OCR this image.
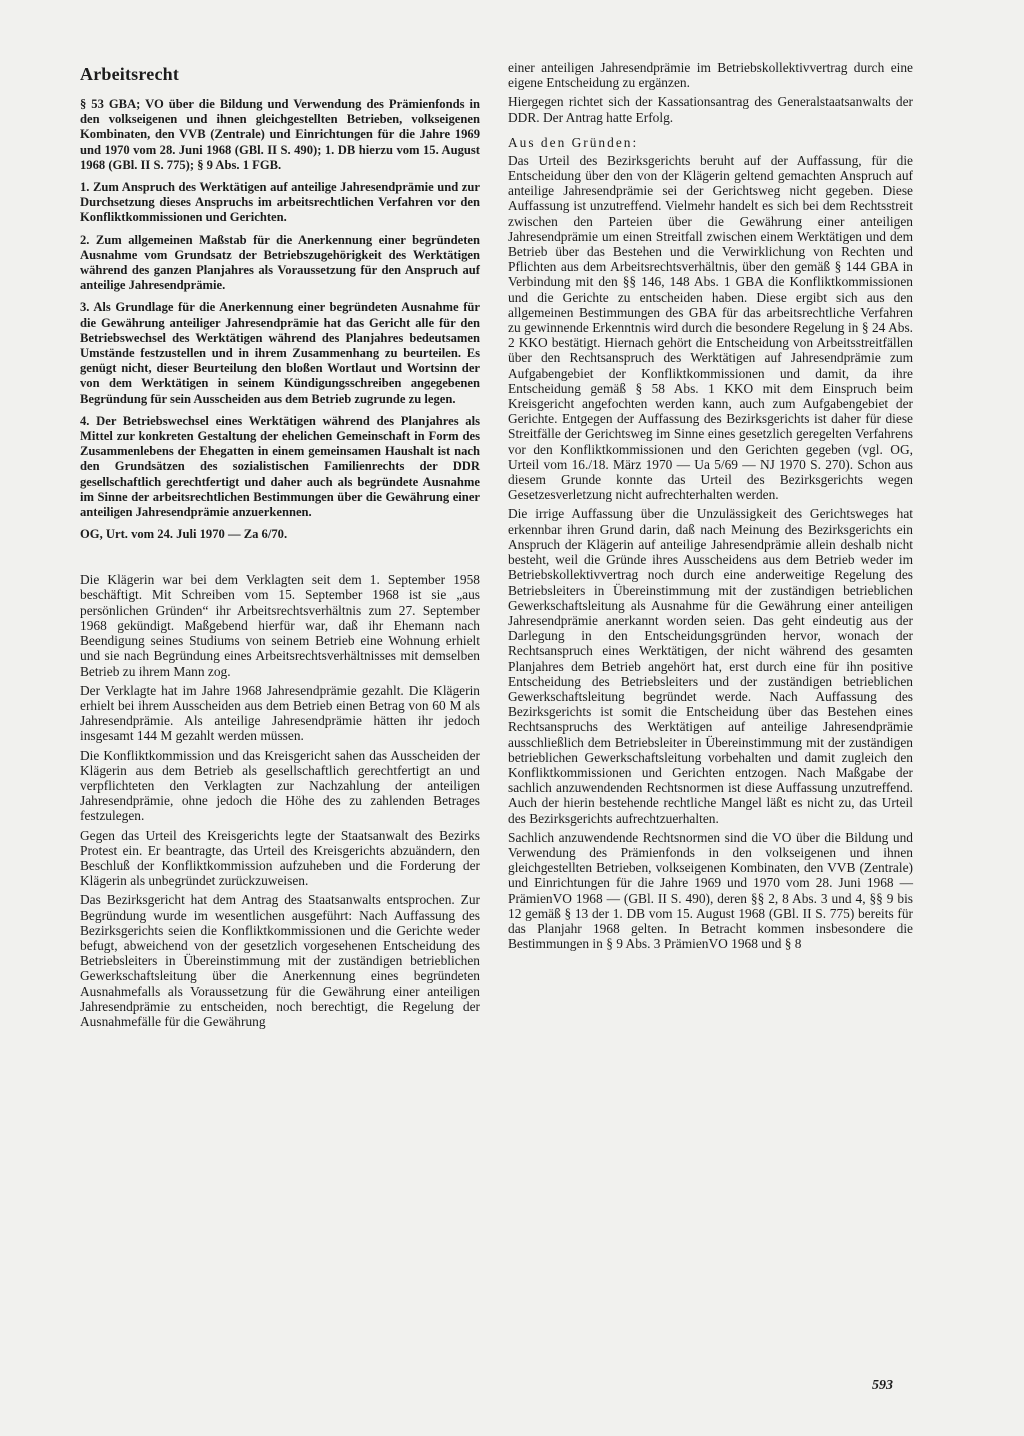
Arbeitsrecht

§ 53 GBA; VO über die Bildung und Verwendung des Prämienfonds in den volkseigenen und ihnen gleichgestellten Betrieben, volkseigenen Kombinaten, den VVB (Zentrale) und Einrichtungen für die Jahre 1969 und 1970 vom 28. Juni 1968 (GBl. II S. 490); 1. DB hierzu vom 15. August 1968 (GBl. II S. 775); § 9 Abs. 1 FGB.

1. Zum Anspruch des Werktätigen auf anteilige Jahresendprämie und zur Durchsetzung dieses Anspruchs im arbeitsrechtlichen Verfahren vor den Konfliktkommissionen und Gerichten.

2. Zum allgemeinen Maßstab für die Anerkennung einer begründeten Ausnahme vom Grundsatz der Betriebszugehörigkeit des Werktätigen während des ganzen Planjahres als Voraussetzung für den Anspruch auf anteilige Jahresendprämie.

3. Als Grundlage für die Anerkennung einer begründeten Ausnahme für die Gewährung anteiliger Jahresendprämie hat das Gericht alle für den Betriebswechsel des Werktätigen während des Planjahres bedeutsamen Umstände festzustellen und in ihrem Zusammenhang zu beurteilen. Es genügt nicht, dieser Beurteilung den bloßen Wortlaut und Wortsinn der von dem Werktätigen in seinem Kündigungsschreiben angegebenen Begründung für sein Ausscheiden aus dem Betrieb zugrunde zu legen.

4. Der Betriebswechsel eines Werktätigen während des Planjahres als Mittel zur konkreten Gestaltung der ehelichen Gemeinschaft in Form des Zusammenlebens der Ehegatten in einem gemeinsamen Haushalt ist nach den Grundsätzen des sozialistischen Familienrechts der DDR gesellschaftlich gerechtfertigt und daher auch als begründete Ausnahme im Sinne der arbeitsrechtlichen Bestimmungen über die Gewährung einer anteiligen Jahresendprämie anzuerkennen.

OG, Urt. vom 24. Juli 1970 — Za 6/70.

Die Klägerin war bei dem Verklagten seit dem 1. September 1958 beschäftigt. Mit Schreiben vom 15. September 1968 ist sie „aus persönlichen Gründen“ ihr Arbeitsrechtsverhältnis zum 27. September 1968 gekündigt. Maßgebend hierfür war, daß ihr Ehemann nach Beendigung seines Studiums von seinem Betrieb eine Wohnung erhielt und sie nach Begründung eines Arbeitsrechtsverhältnisses mit demselben Betrieb zu ihrem Mann zog.

Der Verklagte hat im Jahre 1968 Jahresendprämie gezahlt. Die Klägerin erhielt bei ihrem Ausscheiden aus dem Betrieb einen Betrag von 60 M als Jahresendprämie. Als anteilige Jahresendprämie hätten ihr jedoch insgesamt 144 M gezahlt werden müssen.

Die Konfliktkommission und das Kreisgericht sahen das Ausscheiden der Klägerin aus dem Betrieb als gesellschaftlich gerechtfertigt an und verpflichteten den Verklagten zur Nachzahlung der anteiligen Jahresendprämie, ohne jedoch die Höhe des zu zahlenden Betrages festzulegen.

Gegen das Urteil des Kreisgerichts legte der Staatsanwalt des Bezirks Protest ein. Er beantragte, das Urteil des Kreisgerichts abzuändern, den Beschluß der Konfliktkommission aufzuheben und die Forderung der Klägerin als unbegründet zurückzuweisen.

Das Bezirksgericht hat dem Antrag des Staatsanwalts entsprochen. Zur Begründung wurde im wesentlichen ausgeführt: Nach Auffassung des Bezirksgerichts seien die Konfliktkommissionen und die Gerichte weder befugt, abweichend von der gesetzlich vorgesehenen Entscheidung des Betriebsleiters in Übereinstimmung mit der zuständigen betrieblichen Gewerkschaftsleitung über die Anerkennung eines begründeten Ausnahmefalls als Voraussetzung für die Gewährung einer anteiligen Jahresendprämie zu entscheiden, noch berechtigt, die Regelung der Ausnahmefälle für die Gewährung

einer anteiligen Jahresendprämie im Betriebskollektivvertrag durch eine eigene Entscheidung zu ergänzen.

Hiergegen richtet sich der Kassationsantrag des Generalstaatsanwalts der DDR. Der Antrag hatte Erfolg.

Aus den Gründen:

Das Urteil des Bezirksgerichts beruht auf der Auffassung, für die Entscheidung über den von der Klägerin geltend gemachten Anspruch auf anteilige Jahresendprämie sei der Gerichtsweg nicht gegeben. Diese Auffassung ist unzutreffend. Vielmehr handelt es sich bei dem Rechtsstreit zwischen den Parteien über die Gewährung einer anteiligen Jahresendprämie um einen Streitfall zwischen einem Werktätigen und dem Betrieb über das Bestehen und die Verwirklichung von Rechten und Pflichten aus dem Arbeitsrechtsverhältnis, über den gemäß § 144 GBA in Verbindung mit den §§ 146, 148 Abs. 1 GBA die Konfliktkommissionen und die Gerichte zu entscheiden haben. Diese ergibt sich aus den allgemeinen Bestimmungen des GBA für das arbeitsrechtliche Verfahren zu gewinnende Erkenntnis wird durch die besondere Regelung in § 24 Abs. 2 KKO bestätigt. Hiernach gehört die Entscheidung von Arbeitsstreitfällen über den Rechtsanspruch des Werktätigen auf Jahresendprämie zum Aufgabengebiet der Konfliktkommissionen und damit, da ihre Entscheidung gemäß § 58 Abs. 1 KKO mit dem Einspruch beim Kreisgericht angefochten werden kann, auch zum Aufgabengebiet der Gerichte. Entgegen der Auffassung des Bezirksgerichts ist daher für diese Streitfälle der Gerichtsweg im Sinne eines gesetzlich geregelten Verfahrens vor den Konfliktkommissionen und den Gerichten gegeben (vgl. OG, Urteil vom 16./18. März 1970 — Ua 5/69 — NJ 1970 S. 270). Schon aus diesem Grunde konnte das Urteil des Bezirksgerichts wegen Gesetzesverletzung nicht aufrechterhalten werden.

Die irrige Auffassung über die Unzulässigkeit des Gerichtsweges hat erkennbar ihren Grund darin, daß nach Meinung des Bezirksgerichts ein Anspruch der Klägerin auf anteilige Jahresendprämie allein deshalb nicht besteht, weil die Gründe ihres Ausscheidens aus dem Betrieb weder im Betriebskollektivvertrag noch durch eine anderweitige Regelung des Betriebsleiters in Übereinstimmung mit der zuständigen betrieblichen Gewerkschaftsleitung als Ausnahme für die Gewährung einer anteiligen Jahresendprämie anerkannt worden seien. Das geht eindeutig aus der Darlegung in den Entscheidungsgründen hervor, wonach der Rechtsanspruch eines Werktätigen, der nicht während des gesamten Planjahres dem Betrieb angehört hat, erst durch eine für ihn positive Entscheidung des Betriebsleiters und der zuständigen betrieblichen Gewerkschaftsleitung begründet werde. Nach Auffassung des Bezirksgerichts ist somit die Entscheidung über das Bestehen eines Rechtsanspruchs des Werktätigen auf anteilige Jahresendprämie ausschließlich dem Betriebsleiter in Übereinstimmung mit der zuständigen betrieblichen Gewerkschaftsleitung vorbehalten und damit zugleich den Konfliktkommissionen und Gerichten entzogen. Nach Maßgabe der sachlich anzuwendenden Rechtsnormen ist diese Auffassung unzutreffend. Auch der hierin bestehende rechtliche Mangel läßt es nicht zu, das Urteil des Bezirksgerichts aufrechtzuerhalten.

Sachlich anzuwendende Rechtsnormen sind die VO über die Bildung und Verwendung des Prämienfonds in den volkseigenen und ihnen gleichgestellten Betrieben, volkseigenen Kombinaten, den VVB (Zentrale) und Einrichtungen für die Jahre 1969 und 1970 vom 28. Juni 1968 — PrämienVO 1968 — (GBl. II S. 490), deren §§ 2, 8 Abs. 3 und 4, §§ 9 bis 12 gemäß § 13 der 1. DB vom 15. August 1968 (GBl. II S. 775) bereits für das Planjahr 1968 gelten. In Betracht kommen insbesondere die Bestimmungen in § 9 Abs. 3 PrämienVO 1968 und § 8

593
